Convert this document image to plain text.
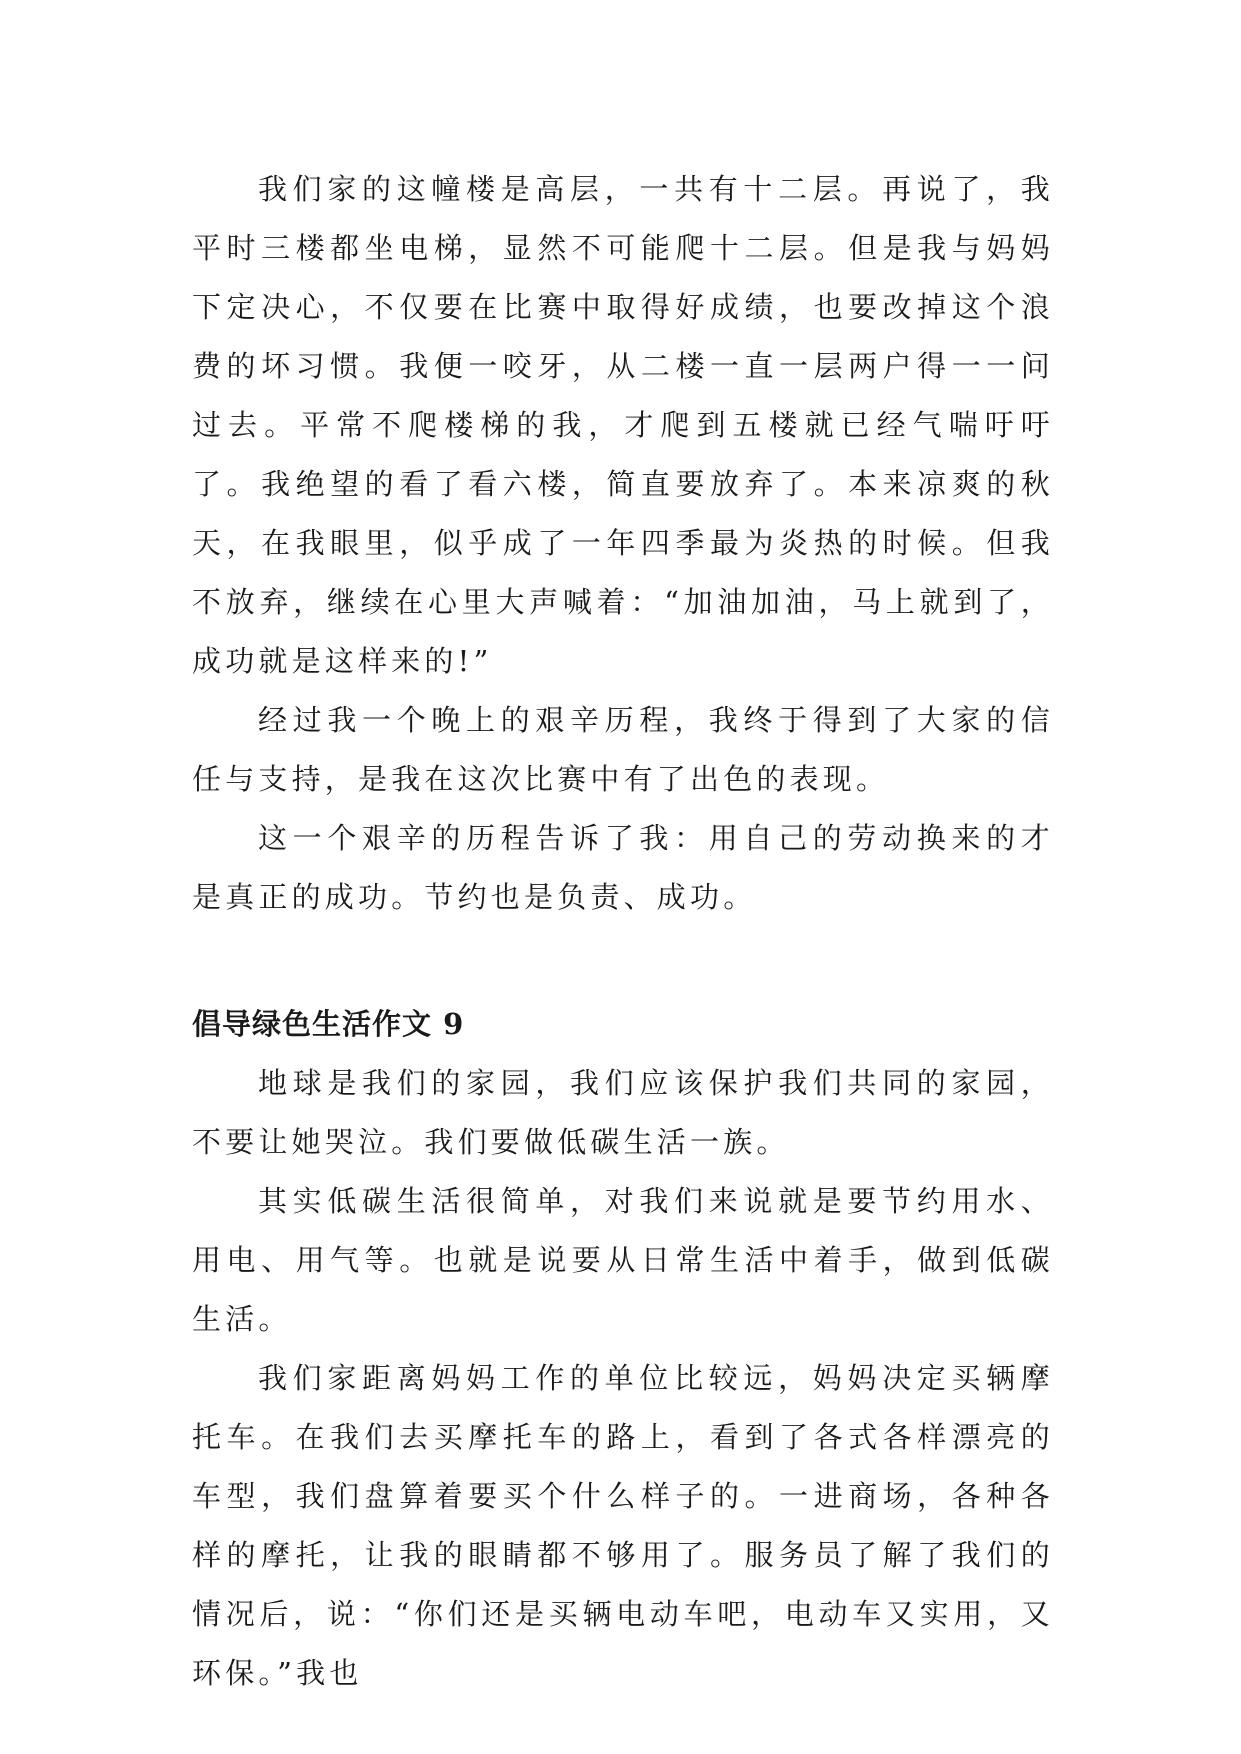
我们家的这幢楼是高层，一共有十二层。再说了，我平时三楼都坐电梯，显然不可能爬十二层。但是我与妈妈下定决心，不仅要在比赛中取得好成绩，也要改掉这个浪费的坏习惯。我便一咬牙，从二楼一直一层两户得一一问过去。平常不爬楼梯的我，才爬到五楼就已经气喘吁吁了。我绝望的看了看六楼，简直要放弃了。本来凉爽的秋天，在我眼里，似乎成了一年四季最为炎热的时候。但我不放弃，继续在心里大声喊着：“加油加油，马上就到了，成功就是这样来的!”

经过我一个晚上的艰辛历程，我终于得到了大家的信任与支持，是我在这次比赛中有了出色的表现。

这一个艰辛的历程告诉了我：用自己的劳动换来的才是真正的成功。节约也是负责、成功。

倡导绿色生活作文 9

地球是我们的家园，我们应该保护我们共同的家园，不要让她哭泣。我们要做低碳生活一族。

其实低碳生活很简单，对我们来说就是要节约用水、用电、用气等。也就是说要从日常生活中着手，做到低碳生活。

我们家距离妈妈工作的单位比较远，妈妈决定买辆摩托车。在我们去买摩托车的路上，看到了各式各样漂亮的车型，我们盘算着要买个什么样子的。一进商场，各种各样的摩托，让我的眼睛都不够用了。服务员了解了我们的情况后，说：“你们还是买辆电动车吧，电动车又实用，又环保。”我也
